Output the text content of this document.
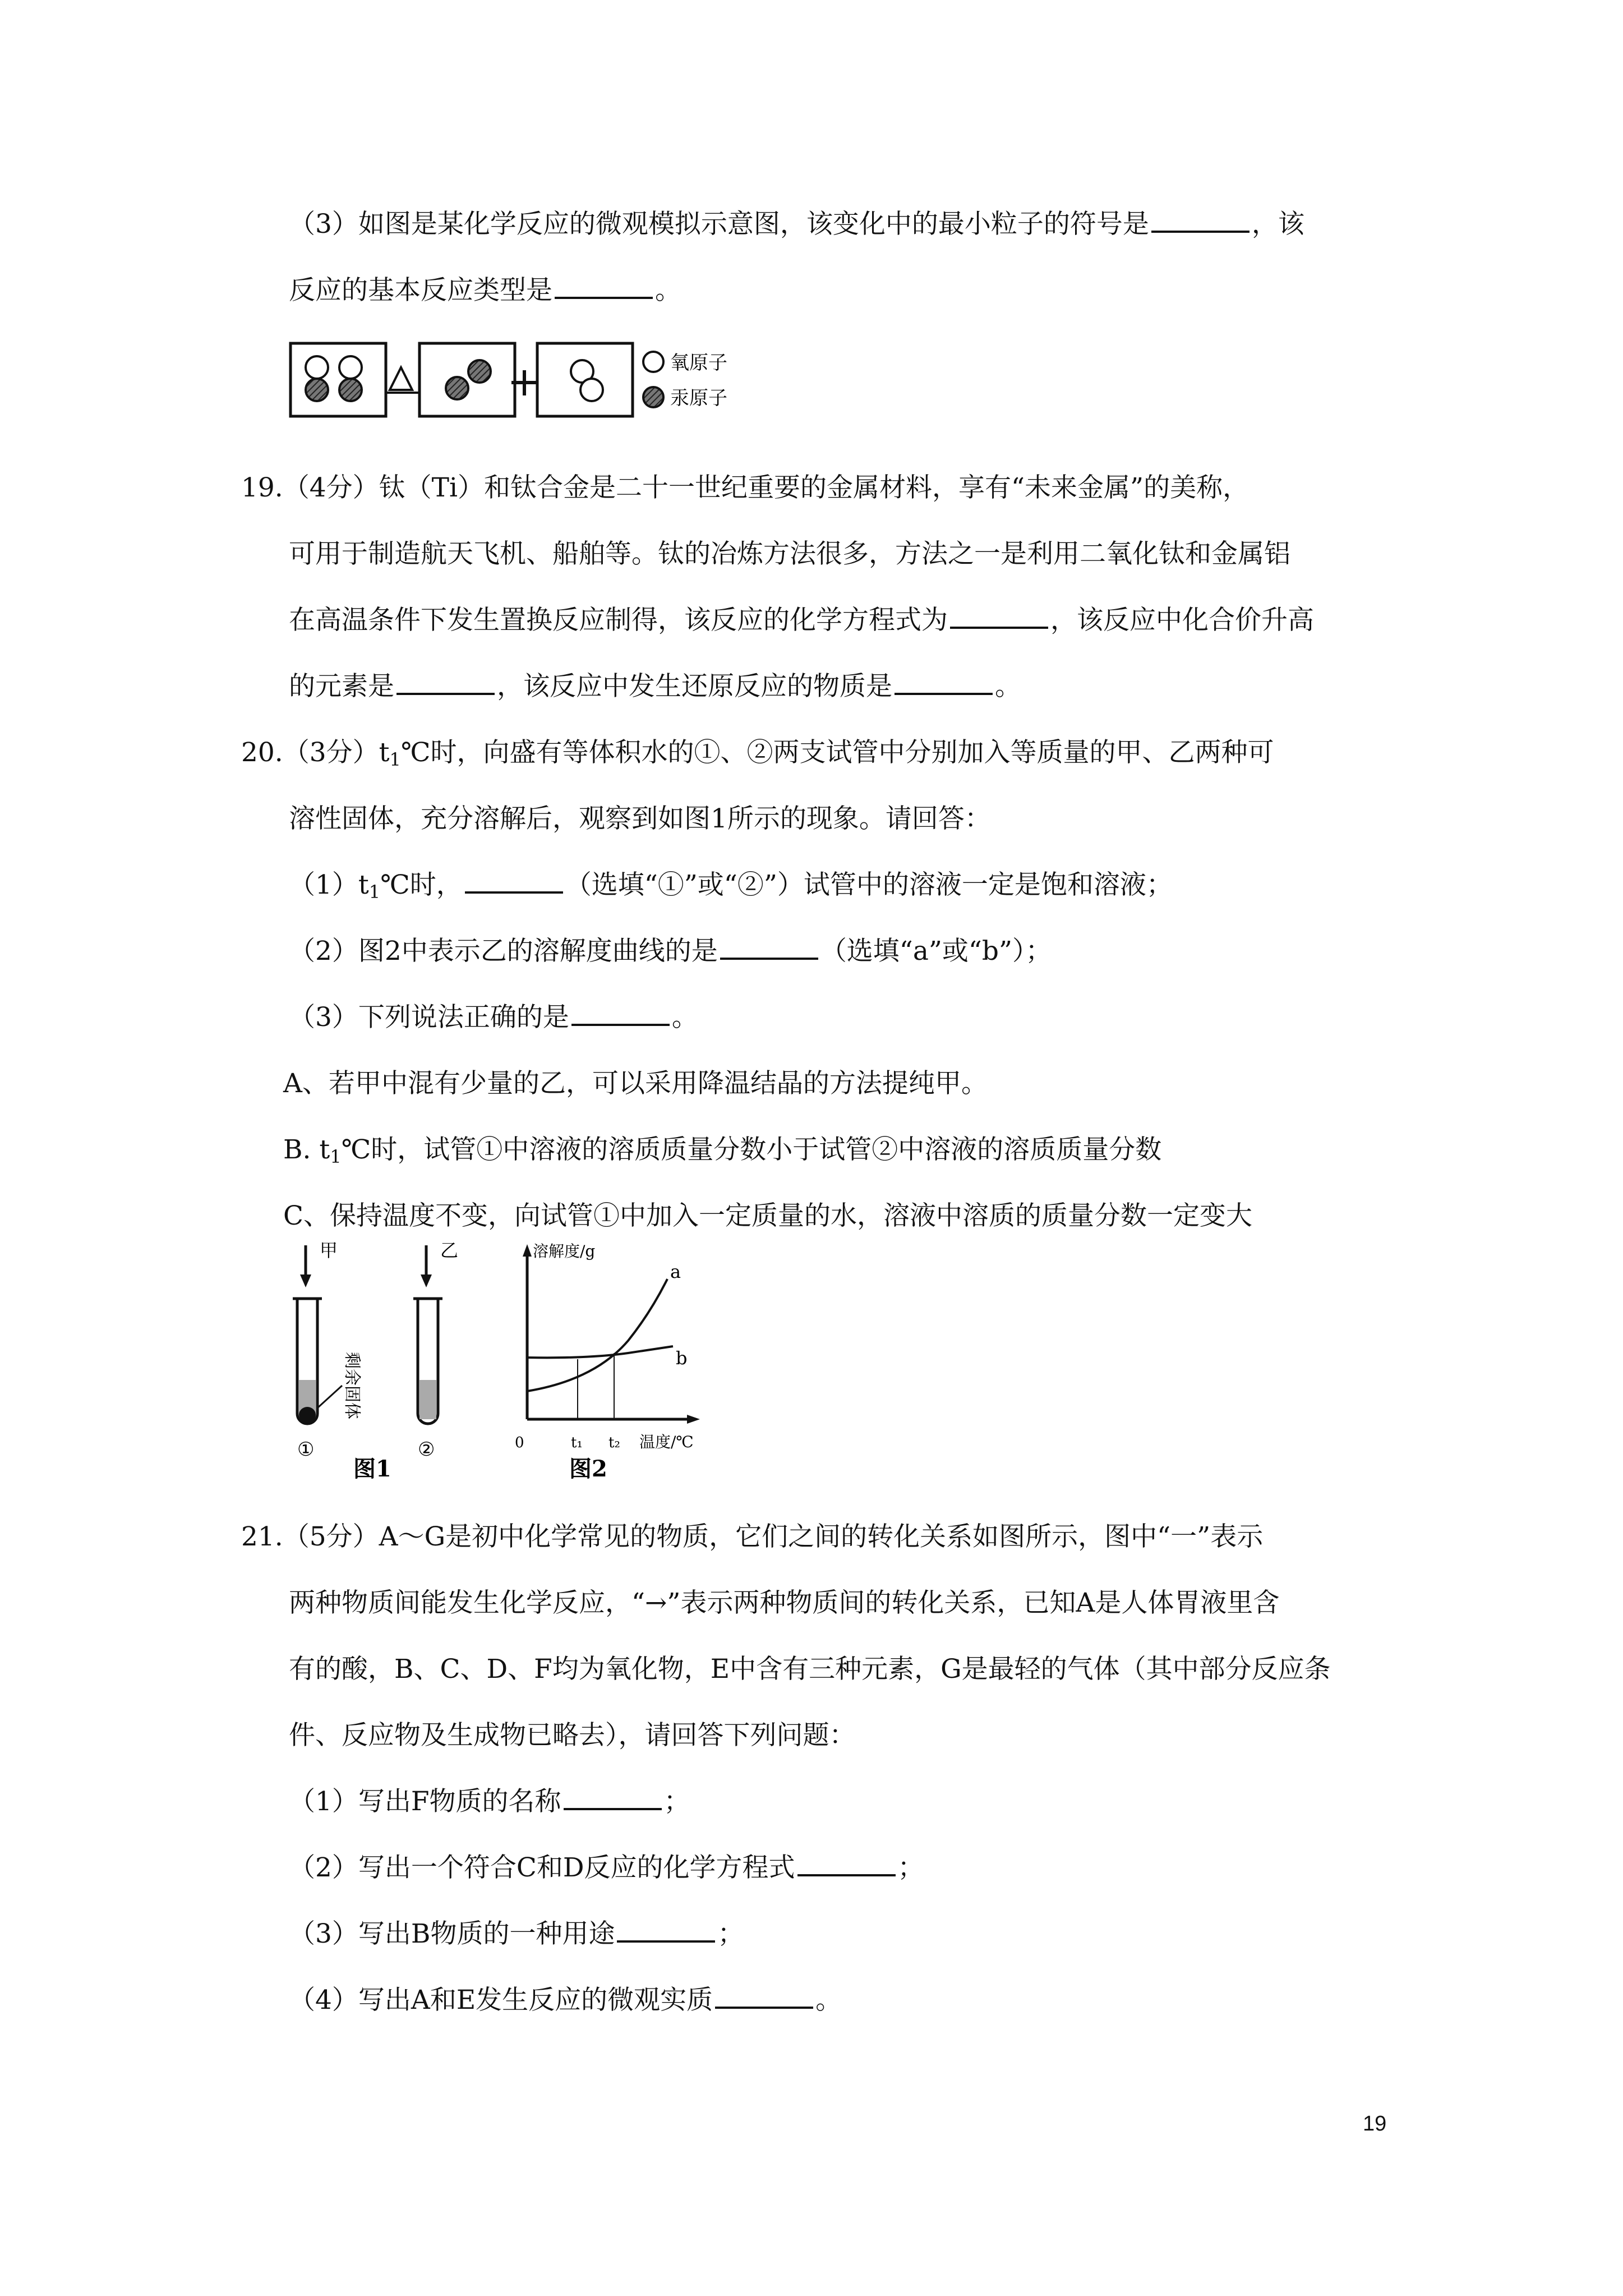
（3）如图是某化学反应的微观模拟示意图，该变化中的最小粒子的符号是	，该
反应的基本反应类型是	。
氧原子
汞原子
19.（4分）钛（Ti）和钛合金是二十一世纪重要的金属材料，享有“未来金属”的美称，
可用于制造航天飞机、船舶等。钛的冶炼方法很多，方法之一是利用二氧化钛和金属铝
在高温条件下发生置换反应制得，该反应的化学方程式为	，该反应中化合价升高
的元素是	，该反应中发生还原反应的物质是	。
20.（3分）$t_1℃$时，向盛有等体积水的①、②两支试管中分别加入等质量的甲、乙两种可
溶性固体，充分溶解后，观察到如图1所示的现象。请回答：
$(1)t_1℃$时，	（选填“①”或“②”）试管中的溶液一定是饱和溶液；
（2）图2中表示乙的溶解度曲线的是	（选填“a”或“b”）；
（3）下列说法正确的是	。
A、若甲中混有少量的乙，可以采用降温结晶的方法提纯甲。
B. $t_1℃$时，试管①中溶液的溶质质量分数小于试管②中溶液的溶质质量分数
C、保持温度不变，向试管①中加入一定质量的水，溶液中溶质的质量分数一定变大
甲
剩余固体
①
乙
②
图1
溶解度/g
a
b
0	t₁ t₂ 温度/℃
图2
21.（5分）A～G是初中化学常见的物质，它们之间的转化关系如图所示，图中“一”表示
两种物质间能发生化学反应，“→”表示两种物质间的转化关系，已知A是人体胃液里含
有的酸，B、C、D、F均为氧化物，E中含有三种元素，G是最轻的气体（其中部分反应条
件、反应物及生成物已略去），请回答下列问题：
（1）写出F物质的名称	；
（2）写出一个符合C和D反应的化学方程式	；
（3）写出B物质的一种用途	；
（4）写出A和E发生反应的微观实质	。
19
